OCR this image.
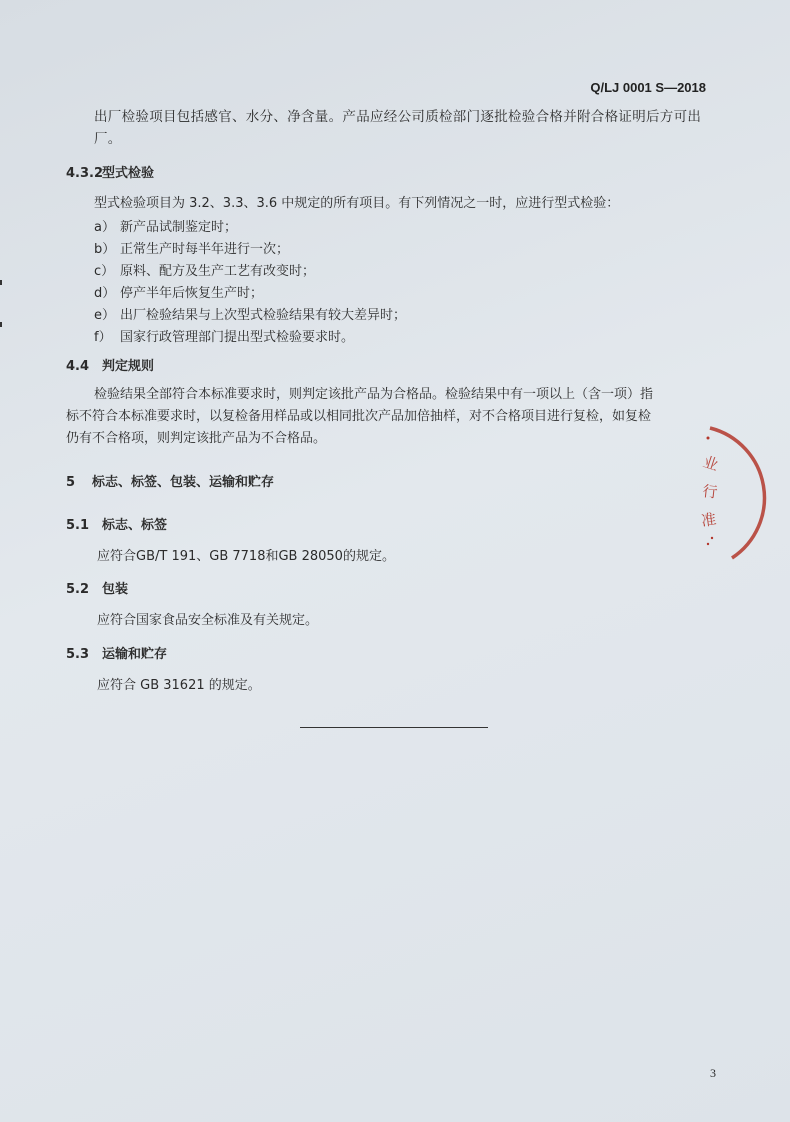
Q/LJ 0001 S—2018
出厂检验项目包括感官、水分、净含量。产品应经公司质检部门逐批检验合格并附合格证明后方可出厂。
4.3.2型式检验
型式检验项目为 3.2、3.3、3.6 中规定的所有项目。有下列情况之一时，应进行型式检验：
a） 新产品试制鉴定时；
b） 正常生产时每半年进行一次；
c） 原料、配方及生产工艺有改变时；
d） 停产半年后恢复生产时；
e） 出厂检验结果与上次型式检验结果有较大差异时；
f） 国家行政管理部门提出型式检验要求时。
4.4 判定规则
检验结果全部符合本标准要求时，则判定该批产品为合格品。检验结果中有一项以上（含一项）指
标不符合本标准要求时，以复检备用样品或以相同批次产品加倍抽样，对不合格项目进行复检，如复检
仍有不合格项，则判定该批产品为不合格品。
5 标志、标签、包装、运输和贮存
5.1 标志、标签
应符合GB/T 191、GB 7718和GB 28050的规定。
5.2 包装
应符合国家食品安全标准及有关规定。
5.3 运输和贮存
应符合 GB 31621 的规定。
业
行
准
3
